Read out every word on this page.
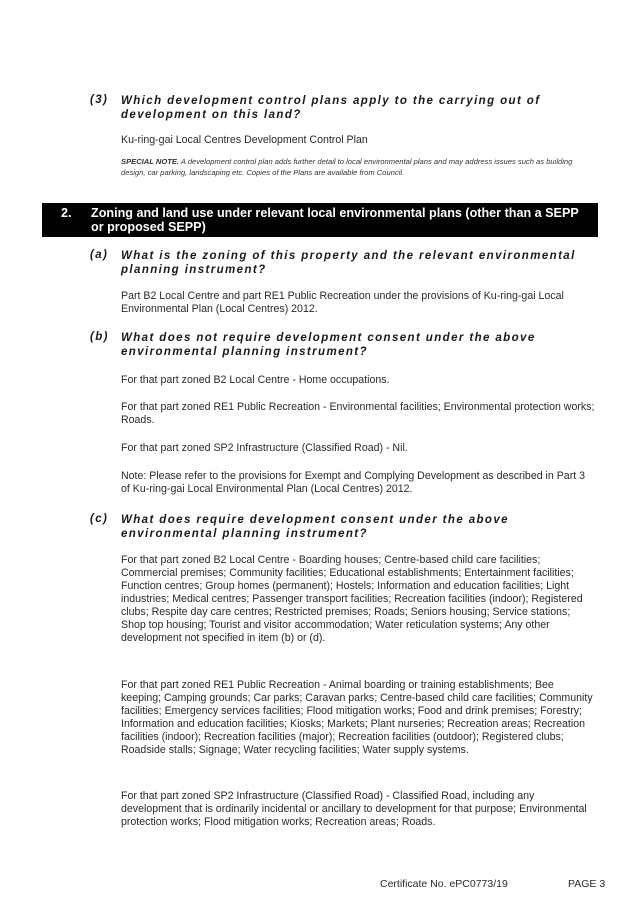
(3) Which development control plans apply to the carrying out of development on this land?
Ku-ring-gai Local Centres Development Control Plan
SPECIAL NOTE. A development control plan adds further detail to local environmental plans and may address issues such as building design, car parking, landscaping etc. Copies of the Plans are available from Council.
2. Zoning and land use under relevant local environmental plans (other than a SEPP or proposed SEPP)
(a) What is the zoning of this property and the relevant environmental planning instrument?
Part B2 Local Centre and part RE1 Public Recreation under the provisions of Ku-ring-gai Local Environmental Plan (Local Centres) 2012.
(b) What does not require development consent under the above environmental planning instrument?
For that part zoned B2 Local Centre - Home occupations.
For that part zoned RE1 Public Recreation - Environmental facilities; Environmental protection works; Roads.
For that part zoned SP2 Infrastructure (Classified Road) - Nil.
Note: Please refer to the provisions for Exempt and Complying Development as described in Part 3 of Ku-ring-gai Local Environmental Plan (Local Centres) 2012.
(c) What does require development consent under the above environmental planning instrument?
For that part zoned B2 Local Centre - Boarding houses; Centre-based child care facilities; Commercial premises; Community facilities; Educational establishments; Entertainment facilities; Function centres; Group homes (permanent); Hostels; Information and education facilities; Light industries; Medical centres; Passenger transport facilities; Recreation facilities (indoor); Registered clubs; Respite day care centres; Restricted premises; Roads; Seniors housing; Service stations; Shop top housing; Tourist and visitor accommodation; Water reticulation systems; Any other development not specified in item (b) or (d).
For that part zoned RE1 Public Recreation - Animal boarding or training establishments; Bee keeping; Camping grounds; Car parks; Caravan parks; Centre-based child care facilities; Community facilities; Emergency services facilities; Flood mitigation works; Food and drink premises; Forestry; Information and education facilities; Kiosks; Markets; Plant nurseries; Recreation areas; Recreation facilities (indoor); Recreation facilities (major); Recreation facilities (outdoor); Registered clubs; Roadside stalls; Signage; Water recycling facilities; Water supply systems.
For that part zoned SP2 Infrastructure (Classified Road) - Classified Road, including any development that is ordinarily incidental or ancillary to development for that purpose; Environmental protection works; Flood mitigation works; Recreation areas; Roads.
Certificate No. ePC0773/19	PAGE 3
